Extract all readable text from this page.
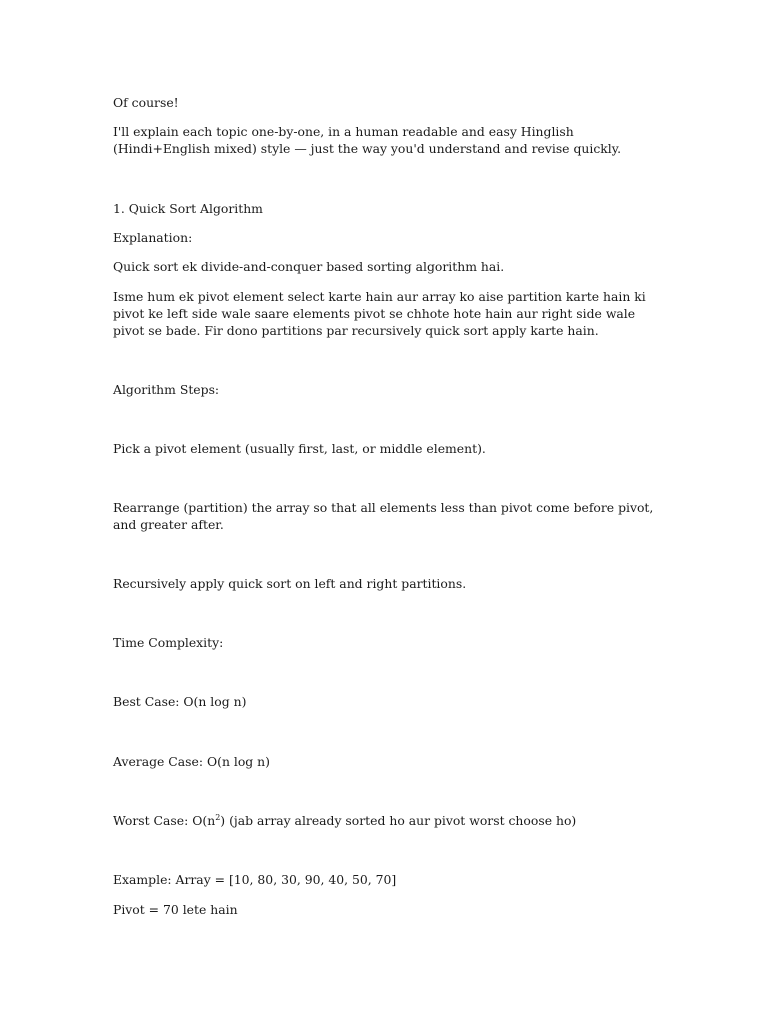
Of course!

I'll explain each topic one-by-one, in a human readable and easy Hinglish (Hindi+English mixed) style — just the way you'd understand and revise quickly.

1. Quick Sort Algorithm

Explanation:

Quick sort ek divide-and-conquer based sorting algorithm hai.

Isme hum ek pivot element select karte hain aur array ko aise partition karte hain ki pivot ke left side wale saare elements pivot se chhote hote hain aur right side wale pivot se bade. Fir dono partitions par recursively quick sort apply karte hain.

Algorithm Steps:

Pick a pivot element (usually first, last, or middle element).

Rearrange (partition) the array so that all elements less than pivot come before pivot, and greater after.

Recursively apply quick sort on left and right partitions.

Time Complexity:

Best Case: O(n log n)

Average Case: O(n log n)

Worst Case: $O(n^2)$ (jab array already sorted ho aur pivot worst choose ho)

Example: Array = [10, 80, 30, 90, 40, 50, 70]

Pivot = 70 lete hain
